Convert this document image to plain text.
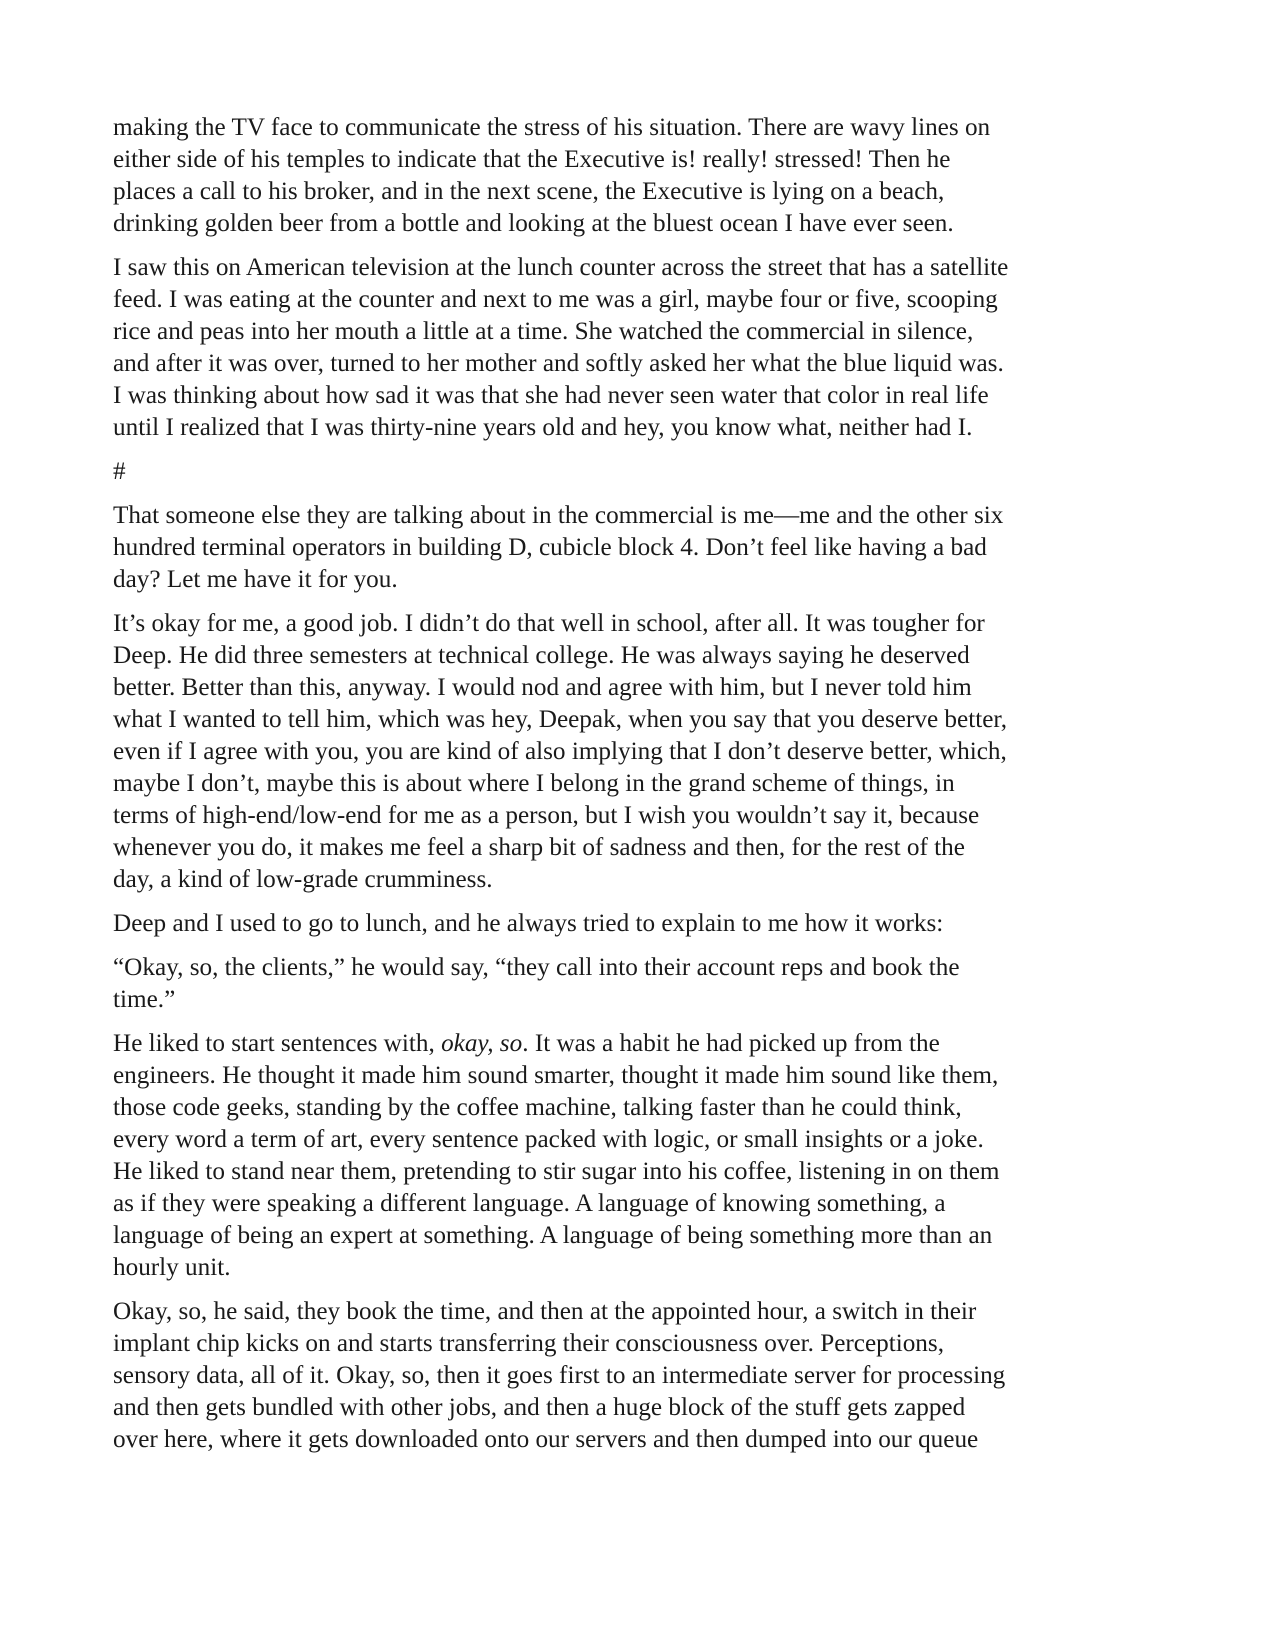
making the TV face to communicate the stress of his situation. There are wavy lines on
either side of his temples to indicate that the Executive is! really! stressed! Then he
places a call to his broker, and in the next scene, the Executive is lying on a beach,
drinking golden beer from a bottle and looking at the bluest ocean I have ever seen.

I saw this on American television at the lunch counter across the street that has a satellite
feed. I was eating at the counter and next to me was a girl, maybe four or five, scooping
rice and peas into her mouth a little at a time. She watched the commercial in silence,
and after it was over, turned to her mother and softly asked her what the blue liquid was.
I was thinking about how sad it was that she had never seen water that color in real life
until I realized that I was thirty-nine years old and hey, you know what, neither had I.

#

That someone else they are talking about in the commercial is me—me and the other six
hundred terminal operators in building D, cubicle block 4. Don’t feel like having a bad
day? Let me have it for you.

It’s okay for me, a good job. I didn’t do that well in school, after all. It was tougher for
Deep. He did three semesters at technical college. He was always saying he deserved
better. Better than this, anyway. I would nod and agree with him, but I never told him
what I wanted to tell him, which was hey, Deepak, when you say that you deserve better,
even if I agree with you, you are kind of also implying that I don’t deserve better, which,
maybe I don’t, maybe this is about where I belong in the grand scheme of things, in
terms of high-end/low-end for me as a person, but I wish you wouldn’t say it, because
whenever you do, it makes me feel a sharp bit of sadness and then, for the rest of the
day, a kind of low-grade crumminess.

Deep and I used to go to lunch, and he always tried to explain to me how it works:

“Okay, so, the clients,” he would say, “they call into their account reps and book the
time.”

He liked to start sentences with, okay, so. It was a habit he had picked up from the
engineers. He thought it made him sound smarter, thought it made him sound like them,
those code geeks, standing by the coffee machine, talking faster than he could think,
every word a term of art, every sentence packed with logic, or small insights or a joke.
He liked to stand near them, pretending to stir sugar into his coffee, listening in on them
as if they were speaking a different language. A language of knowing something, a
language of being an expert at something. A language of being something more than an
hourly unit.

Okay, so, he said, they book the time, and then at the appointed hour, a switch in their
implant chip kicks on and starts transferring their consciousness over. Perceptions,
sensory data, all of it. Okay, so, then it goes first to an intermediate server for processing
and then gets bundled with other jobs, and then a huge block of the stuff gets zapped
over here, where it gets downloaded onto our servers and then dumped into our queue
